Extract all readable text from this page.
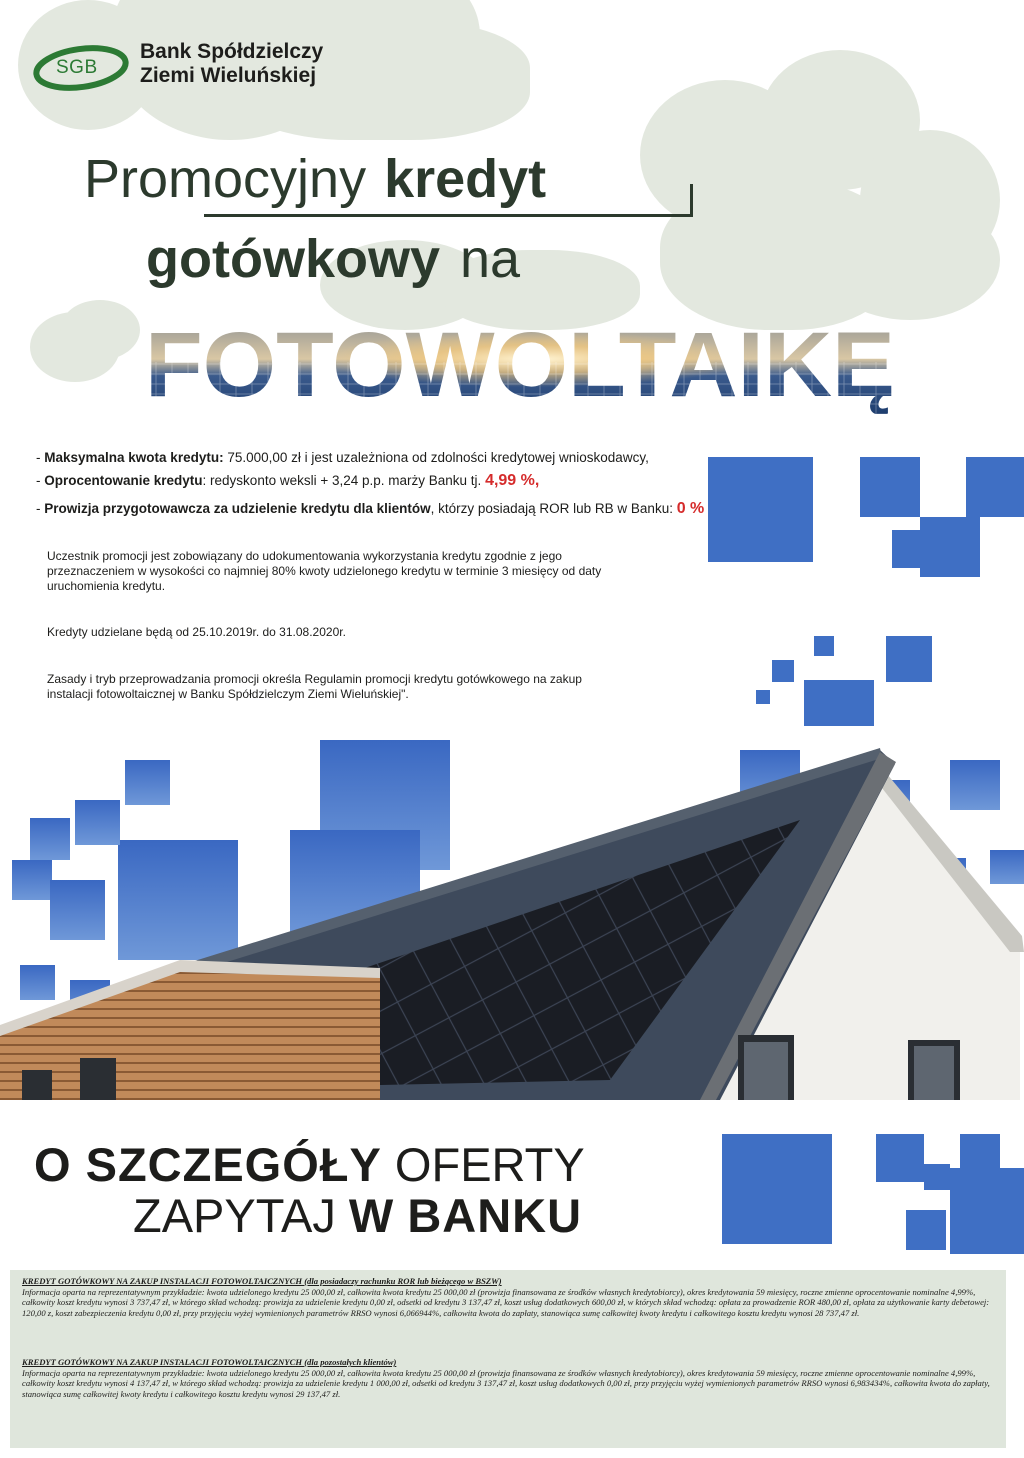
SGB
Bank Spółdzielczy
Ziemi Wieluńskiej
Promocyjny kredyt
gotówkowy na
- Maksymalna kwota kredytu: 75.000,00 zł i jest uzależniona od zdolności kredytowej wnioskodawcy,
- Oprocentowanie kredytu: redyskonto weksli + 3,24 p.p. marży Banku tj. 4,99 %,
- Prowizja przygotowawcza za udzielenie kredytu dla klientów, którzy posiadają ROR lub RB w Banku: 0 %
Uczestnik promocji jest zobowiązany do udokumentowania wykorzystania kredytu zgodnie z jego
przeznaczeniem w wysokości co najmniej 80% kwoty udzielonego kredytu w terminie 3 miesięcy od daty
uruchomienia kredytu.
Kredyty udzielane będą od 25.10.2019r. do 31.08.2020r.
Zasady i tryb przeprowadzania promocji określa Regulamin promocji kredytu gotówkowego na zakup
instalacji fotowoltaicznej w Banku Spółdzielczym Ziemi Wieluńskiej".
O SZCZEGÓŁY OFERTY
ZAPYTAJ W BANKU
KREDYT GOTÓWKOWY NA ZAKUP INSTALACJI FOTOWOLTAICZNYCH (dla posiadaczy rachunku ROR lub bieżącego w BSZW)
Informacja oparta na reprezentatywnym przykładzie: kwota udzielonego kredytu 25 000,00 zł, całkowita kwota kredytu 25 000,00 zł (prowizja finansowana ze środków własnych kredytobiorcy), okres kredytowania 59 miesięcy, roczne zmienne oprocentowanie nominalne 4,99%, całkowity koszt kredytu wynosi 3 737,47 zł, w którego skład wchodzą: prowizja za udzielenie kredytu 0,00 zł, odsetki od kredytu 3 137,47 zł, koszt usług dodatkowych 600,00 zł, w których skład wchodzą: opłata za prowadzenie ROR 480,00 zł, opłata za użytkowanie karty debetowej: 120,00 z, koszt zabezpieczenia kredytu 0,00 zł, przy przyjęciu wyżej wymienionych parametrów RRSO wynosi 6,066944%, całkowita kwota do zapłaty, stanowiąca sumę całkowitej kwoty kredytu i całkowitego kosztu kredytu wynosi 28 737,47 zł.
KREDYT GOTÓWKOWY NA ZAKUP INSTALACJI FOTOWOLTAICZNYCH (dla pozostałych klientów)
Informacja oparta na reprezentatywnym przykładzie: kwota udzielonego kredytu 25 000,00 zł, całkowita kwota kredytu 25 000,00 zł (prowizja finansowana ze środków własnych kredytobiorcy), okres kredytowania 59 miesięcy, roczne zmienne oprocentowanie nominalne 4,99%, całkowity koszt kredytu wynosi 4 137,47 zł, w którego skład wchodzą: prowizja za udzielenie kredytu 1 000,00 zł, odsetki od kredytu 3 137,47 zł, koszt usług dodatkowych 0,00 zł, przy przyjęciu wyżej wymienionych parametrów RRSO wynosi 6,983434%, całkowita kwota do zapłaty, stanowiąca sumę całkowitej kwoty kredytu i całkowitego kosztu kredytu wynosi 29 137,47 zł.
